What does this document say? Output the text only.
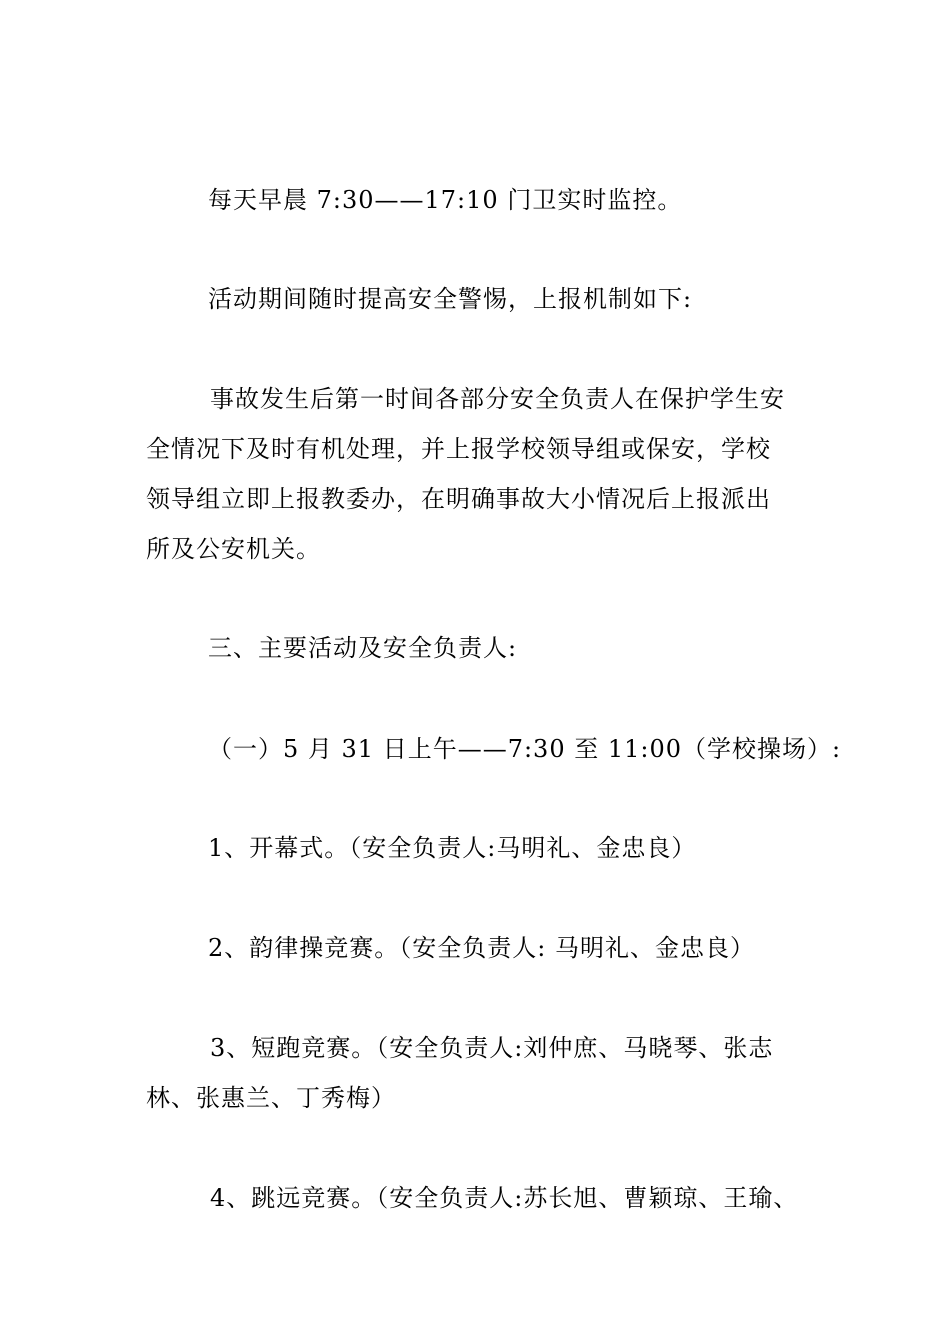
每天早晨 7:30——17:10 门卫实时监控。
活动期间随时提高安全警惕，上报机制如下:
事故发生后第一时间各部分安全负责人在保护学生安
全情况下及时有机处理，并上报学校领导组或保安，学校
领导组立即上报教委办，在明确事故大小情况后上报派出
所及公安机关。
三、主要活动及安全负责人:
（一）5 月 31 日上午——7:30 至 11:00（学校操场）:
1、开幕式。（安全负责人:马明礼、金忠良）
2、韵律操竞赛。（安全负责人: 马明礼、金忠良）
3、短跑竞赛。（安全负责人:刘仲庶、马晓琴、张志
林、张惠兰、丁秀梅）
4、跳远竞赛。（安全负责人:苏长旭、曹颖琼、王瑜、
